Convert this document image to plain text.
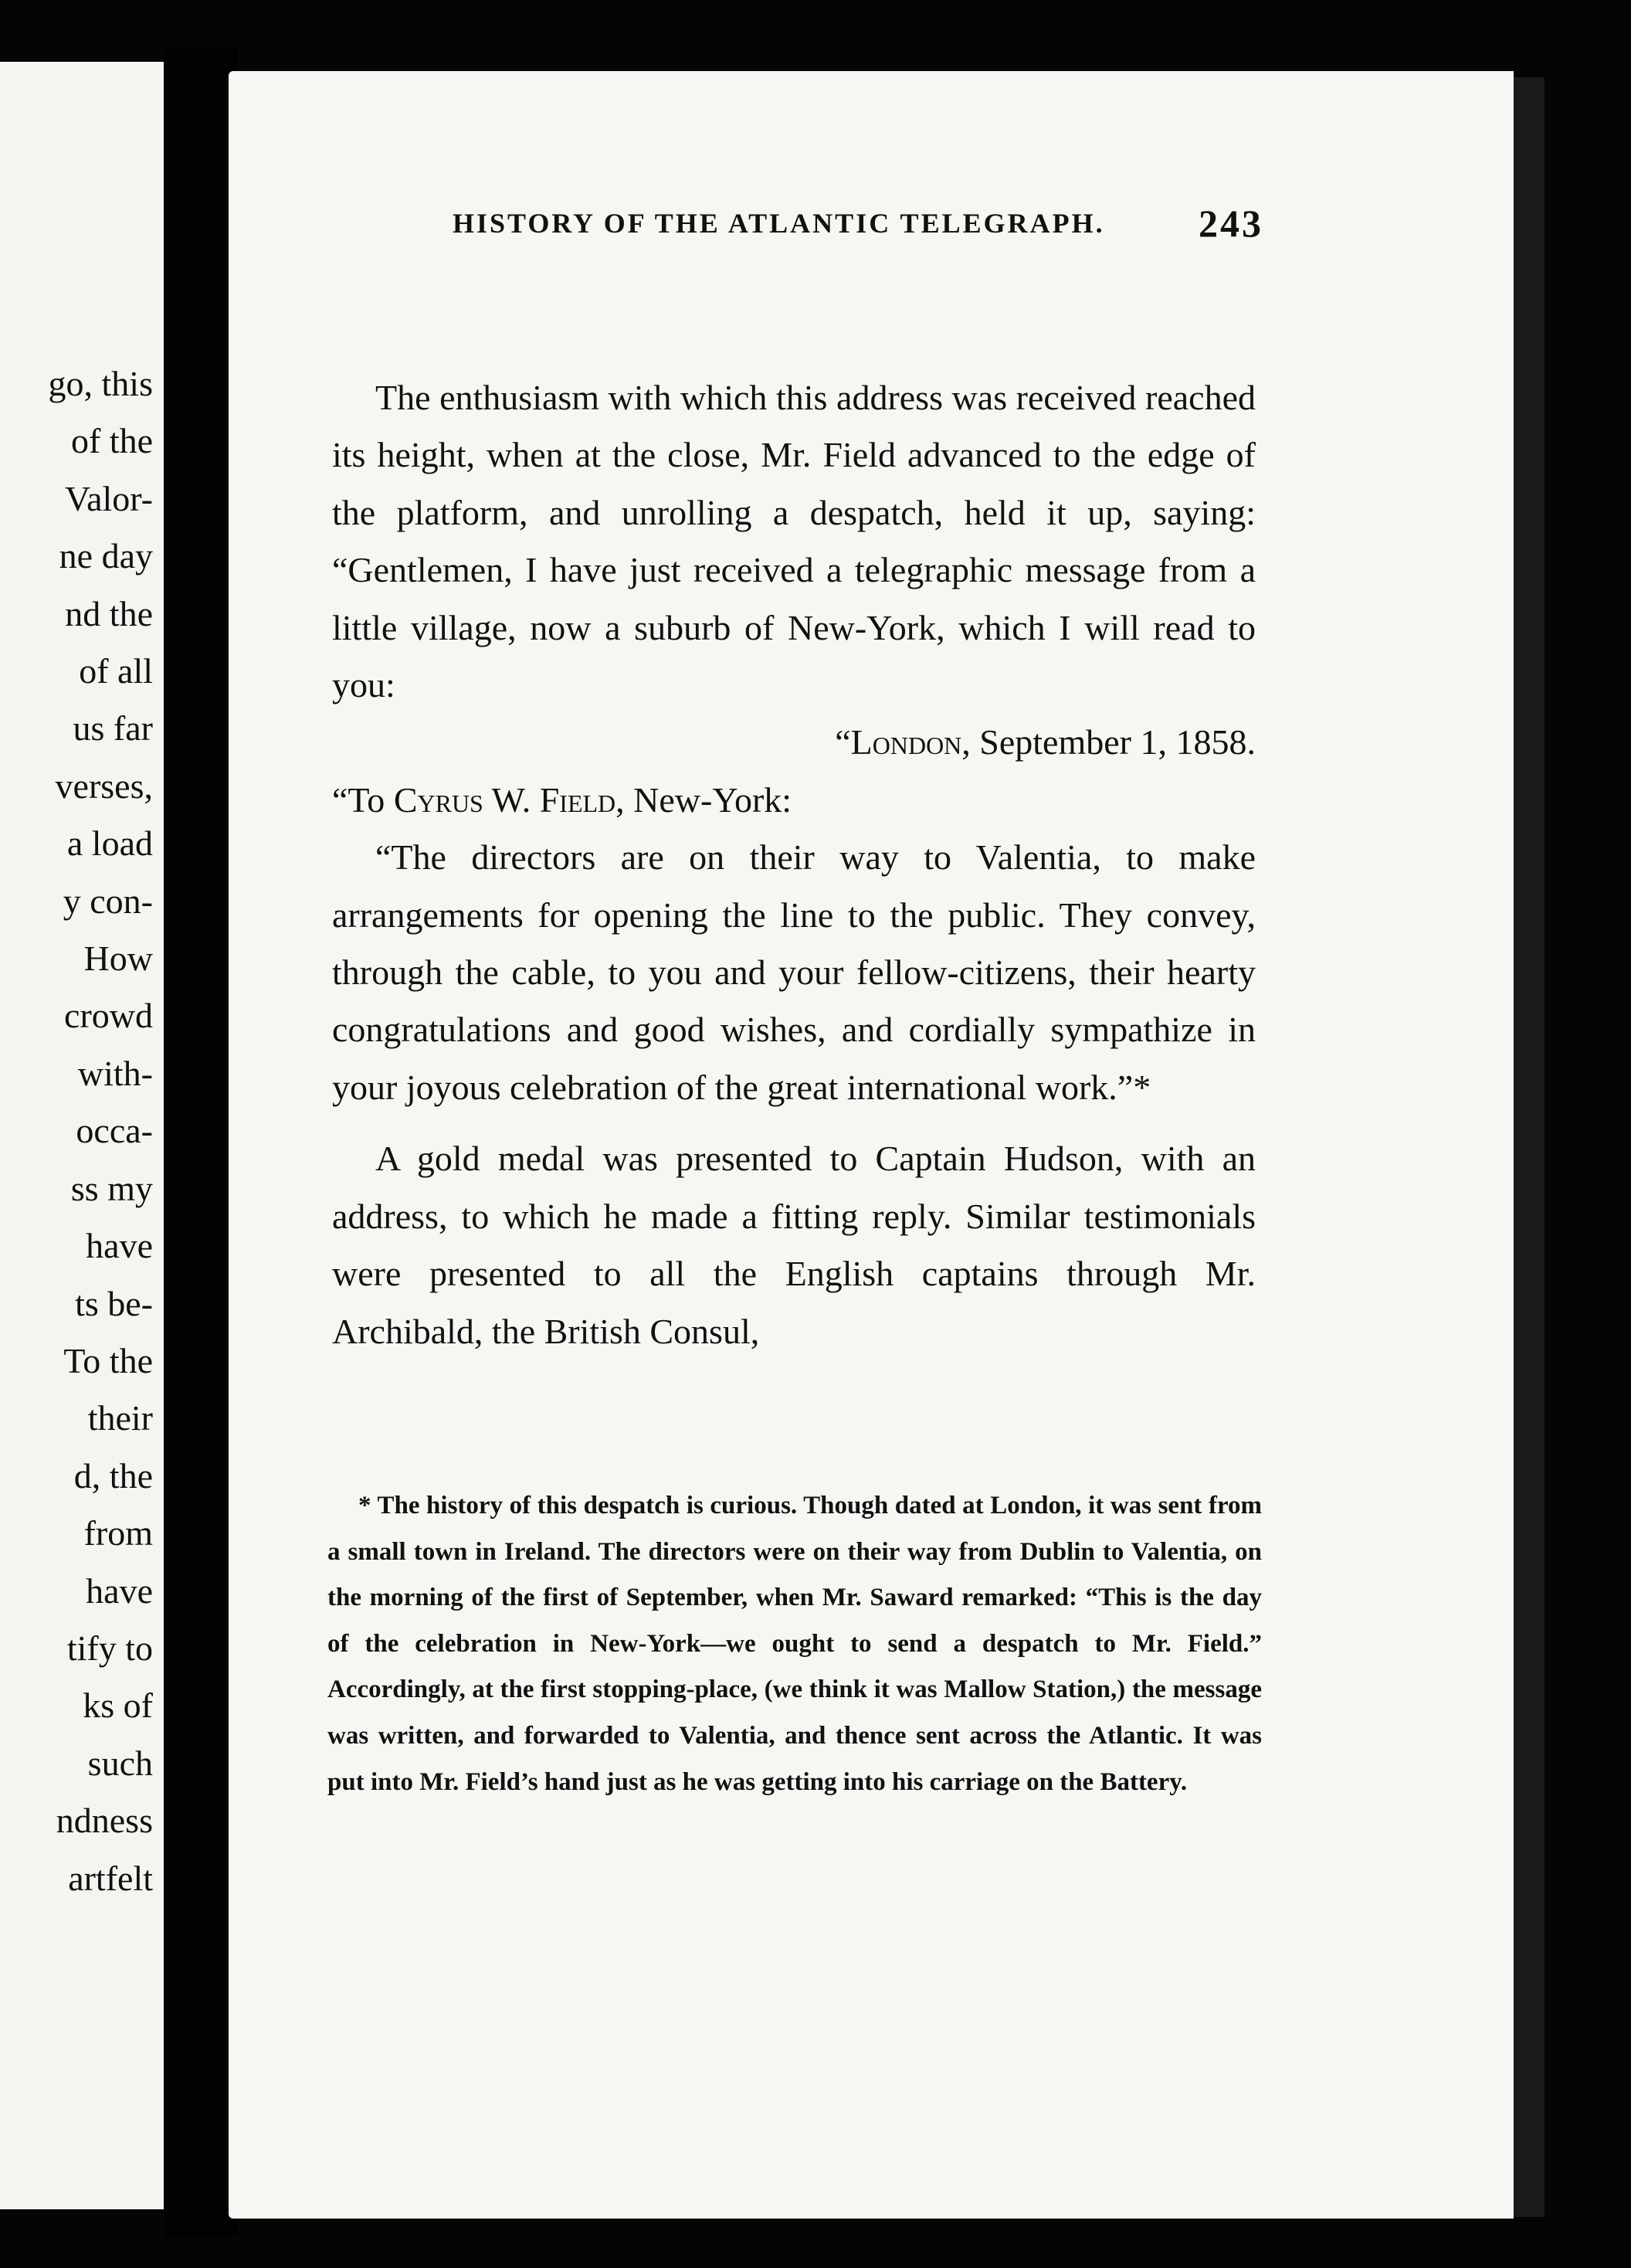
go, this
of the
Valor-
ne day
nd the
of all
us far
verses,
a load
y con-
How
crowd
with-
occa-
ss my
have
ts be-
To the
their
d, the
from
have
tify to
ks of
such
ndness
artfelt
HISTORY OF THE ATLANTIC TELEGRAPH. 243

The enthusiasm with which this address was received reached its height, when at the close, Mr. Field advanced to the edge of the platform, and unrolling a despatch, held it up, saying: “Gentlemen, I have just received a telegraphic message from a little village, now a suburb of New-York, which I will read to you:

“London, September 1, 1858.

“To Cyrus W. Field, New-York:

“The directors are on their way to Valentia, to make arrangements for opening the line to the public. They convey, through the cable, to you and your fellow-citizens, their hearty congratulations and good wishes, and cordially sympathize in your joyous celebration of the great international work.”*

A gold medal was presented to Captain Hudson, with an address, to which he made a fitting reply. Similar testimonials were presented to all the English captains through Mr. Archibald, the British Consul,

* The history of this despatch is curious. Though dated at London, it was sent from a small town in Ireland. The directors were on their way from Dublin to Valentia, on the morning of the first of September, when Mr. Saward remarked: “This is the day of the celebration in New-York—we ought to send a despatch to Mr. Field.” Accordingly, at the first stopping-place, (we think it was Mallow Station,) the message was written, and forwarded to Valentia, and thence sent across the Atlantic. It was put into Mr. Field’s hand just as he was getting into his carriage on the Battery.
